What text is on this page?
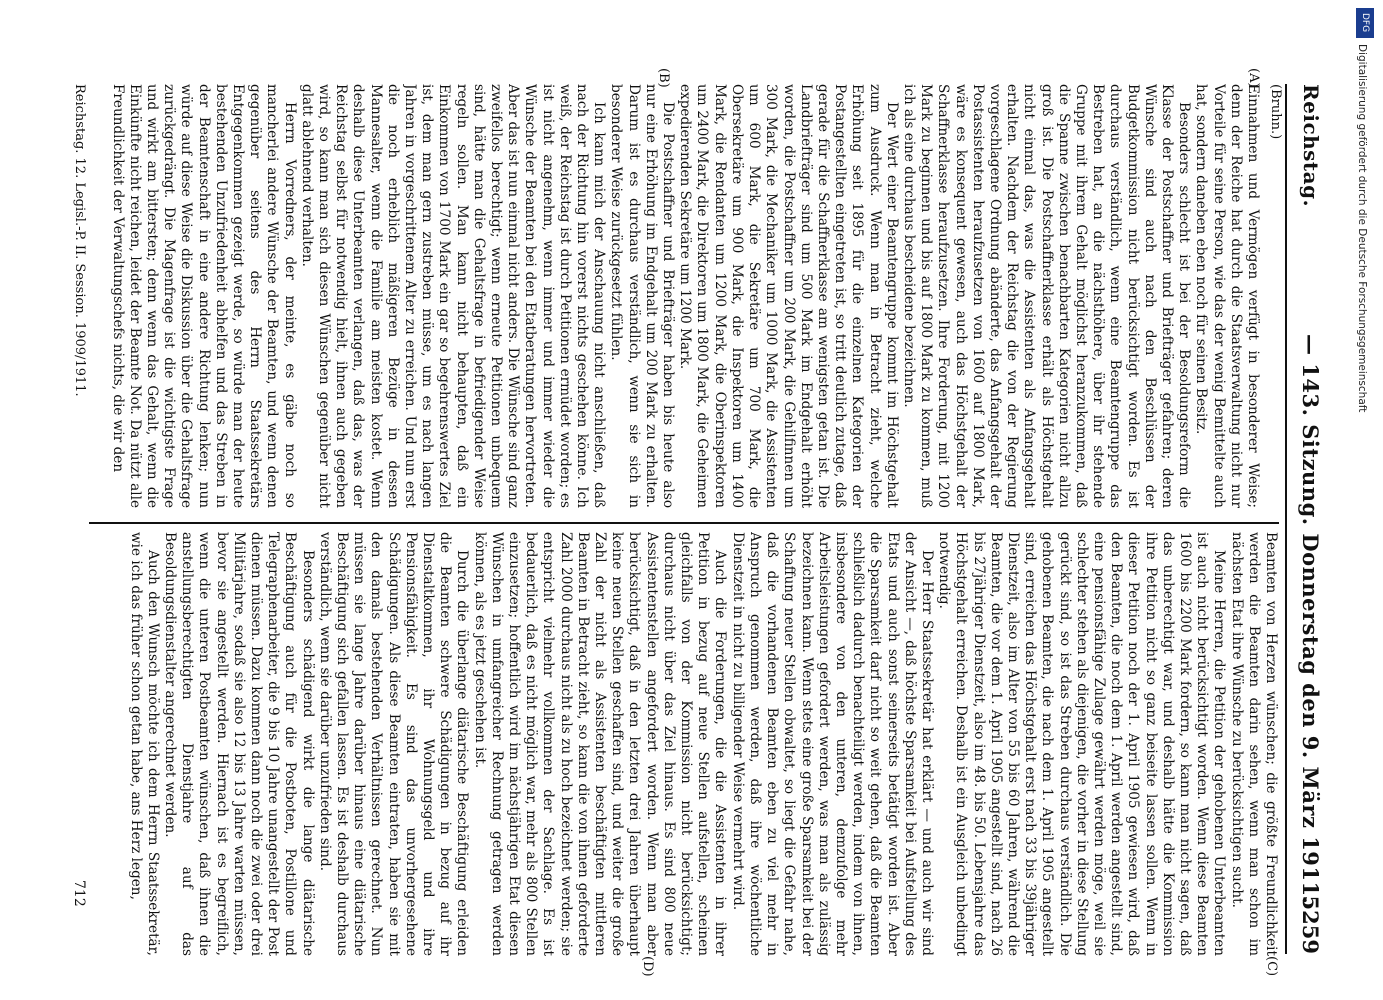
Reichstag.
— 143. Sitzung. Donnerstag den 9. März 1911.
5259
(Bruhn.)
(A)
(B)
(C)
(D)

Einnahmen und Vermögen verfügt in besonderer Weise; denn der Reiche hat durch die Staatsverwaltung nicht nur Vorteile für seine Person, wie das der wenig Bemittelte auch hat, sondern daneben eben noch für seinen Besitz.

Besonders schlecht ist bei der Besoldungsreform die Klasse der Postschaffner und Briefträger gefahren; deren Wünsche sind auch nach den Beschlüssen der Budgetkommission nicht berücksichtigt worden. Es ist durchaus verständlich, wenn eine Beamtengruppe das Bestreben hat, an die nächsthöhere, über ihr stehende Gruppe mit ihrem Gehalt möglichst heranzukommen, daß die Spanne zwischen benachbarten Kategorien nicht allzu groß ist. Die Postschaffnerklasse erhält als Höchstgehalt nicht einmal das, was die Assistenten als Anfangsgehalt erhalten. Nachdem der Reichstag die von der Regierung vorgeschlagene Ordnung abänderte, das Anfangsgehalt der Postassistenten heraufzusetzen von 1600 auf 1800 Mark, wäre es konsequent gewesen, auch das Höchstgehalt der Schaffnerklasse heraufzusetzen. Ihre Forderung, mit 1200 Mark zu beginnen und bis auf 1800 Mark zu kommen, muß ich als eine durchaus bescheidene bezeichnen.

Der Wert einer Beamtengruppe kommt im Höchstgehalt zum Ausdruck. Wenn man in Betracht zieht, welche Erhöhung seit 1895 für die einzelnen Kategorien der Postangestellten eingetreten ist, so tritt deutlich zutage, daß gerade für die Schaffnerklasse am wenigsten getan ist. Die Landbriefträger sind um 500 Mark im Endgehalt erhöht worden, die Postschaffner um 200 Mark, die Gehilfinnen um 300 Mark, die Mechaniker um 1000 Mark, die Assistenten um 600 Mark, die Sekretäre um 700 Mark, die Obersekretäre um 900 Mark, die Inspektoren um 1400 Mark, die Rendanten um 1200 Mark, die Oberinspektoren um 2400 Mark, die Direktoren um 1800 Mark, die Geheimen expedierenden Sekretäre um 1200 Mark.

Die Postschaffner und Briefträger haben bis heute also nur eine Erhöhung im Endgehalt um 200 Mark zu erhalten. Darum ist es durchaus verständlich, wenn sie sich in besonderer Weise zurückgesetzt fühlen.

Ich kann mich der Anschauung nicht anschließen, daß nach der Richtung hin vorerst nichts geschehen könne. Ich weiß, der Reichstag ist durch Petitionen ermüdet worden; es ist nicht angenehm, wenn immer und immer wieder die Wünsche der Beamten bei den Etatberatungen hervortreten. Aber das ist nun einmal nicht anders. Die Wünsche sind ganz zweifellos berechtigt; wenn erneute Petitionen unbequem sind, hätte man die Gehaltsfrage in befriedigender Weise regeln sollen. Man kann nicht behaupten, daß ein Einkommen von 1700 Mark ein gar so begehrenswertes Ziel ist, dem man gern zustreben müsse, um es nach langen Jahren in vorgeschrittenem Alter zu erreichen. Und nun erst die noch erheblich mäßigeren Bezüge in dessen Mannesalter, wenn die Familie am meisten kostet. Wenn deshalb diese Unterbeamten verlangen, daß das, was der Reichstag selbst für notwendig hielt, ihnen auch gegeben wird, so kann man sich diesen Wünschen gegenüber nicht glatt ablehnend verhalten.

Herrn Vorredners, der meinte, es gäbe noch so mancherlei andere Wünsche der Beamten, und wenn denen gegenüber seitens des Herrn Staatssekretärs Entgegenkommen gezeigt werde, so würde man der heute bestehenden Unzufriedenheit abhelfen und das Streben in der Beamtenschaft in eine andere Richtung lenken; nun würde auf diese Weise die Diskussion über die Gehaltsfrage zurückgedrängt. Die Magenfrage ist die wichtigste Frage und wirkt am bittersten; denn wenn das Gehalt, wenn die Einkünfte nicht reichen, leidet der Beamte Not. Da nützt alle Freundlichkeit der Verwaltungschefs nichts, die wir den

Beamten von Herzen wünschen; die größte Freundlichkeit werden die Beamten darin sehen, wenn man schon im nächsten Etat ihre Wünsche zu berücksichtigen sucht.

Meine Herren, die Petition der gehobenen Unterbeamten ist auch nicht berücksichtigt worden. Wenn diese Beamten 1600 bis 2200 Mark fordern, so kann man nicht sagen, daß das unberechtigt war, und deshalb hätte die Kommission ihre Petition nicht so ganz beiseite lassen sollen. Wenn in dieser Petition noch der 1. April 1905 gewiesen wird, daß den Beamten, die noch dem 1. April werden angestellt sind, eine pensionsfähige Zulage gewährt werden möge, weil sie schlechter stehen als diejenigen, die vorher in diese Stellung gerückt sind, so ist das Streben durchaus verständlich. Die gehobenen Beamten, die nach dem 1. April 1905 angestellt sind, erreichen das Höchstgehalt erst nach 33 bis 39jähriger Dienstzeit, also im Alter von 55 bis 60 Jahren, während die Beamten, die vor dem 1. April 1905 angestellt sind, nach 26 bis 27jähriger Dienstzeit, also im 48. bis 50. Lebensjahre das Höchstgehalt erreichen. Deshalb ist ein Ausgleich unbedingt notwendig.

Der Herr Staatssekretär hat erklärt — und auch wir sind der Ansicht —, daß höchste Sparsamkeit bei Aufstellung des Etats und auch sonst seinerseits betätigt worden ist. Aber die Sparsamkeit darf nicht so weit gehen, daß die Beamten schließlich dadurch benachteiligt werden, indem von ihnen, insbesondere von den unteren, demzufolge mehr Arbeitsleistungen gefordert werden, was man als zulässig bezeichnen kann. Wenn stets eine große Sparsamkeit bei der Schaffung neuer Stellen obwaltet, so liegt die Gefahr nahe, daß die vorhandenen Beamten eben zu viel mehr in Anspruch genommen werden, daß ihre wöchentliche Dienstzeit in nicht zu billigender Weise vermehrt wird.

Auch die Forderungen, die die Assistenten in ihrer Petition in bezug auf neue Stellen aufstellen, scheinen gleichfalls von der Kommission nicht berücksichtigt; durchaus nicht über das Ziel hinaus. Es sind 800 neue Assistentenstellen angefordert worden. Wenn man aber berücksichtigt, daß in den letzten drei Jahren überhaupt keine neuen Stellen geschaffen sind, und weiter die große Zahl der nicht als Assistenten beschäftigten mittleren Beamten in Betracht zieht, so kann die von ihnen geforderte Zahl 2000 durchaus nicht als zu hoch bezeichnet werden; sie entspricht vielmehr vollkommen der Sachlage. Es ist bedauerlich, daß es nicht möglich war, mehr als 800 Stellen einzusetzen; hoffentlich wird im nächstjährigen Etat diesen Wünschen in umfangreicher Rechnung getragen werden können, als es jetzt geschehen ist.

Durch die überlange diätarische Beschäftigung erleiden die Beamten schwere Schädigungen in bezug auf ihr Dienstaltkommen, ihr Wohnungsgeld und ihre Pensionsfähigkeit. Es sind das unvorhergesehene Schädigungen. Als diese Beamten eintraten, haben sie mit den damals bestehenden Verhältnissen gerechnet. Nun müssen sie lange Jahre darüber hinaus eine diätarische Beschäftigung sich gefallen lassen. Es ist deshalb durchaus verständlich, wenn sie darüber unzufrieden sind.

Besonders schädigend wirkt die lange diätarische Beschäftigung auch für die Postboten, Postillone und Telegraphenarbeiter, die 9 bis 10 Jahre unangestellt der Post dienen müssen. Dazu kommen dann noch die zwei oder drei Militärjahre, sodaß sie also 12 bis 13 Jahre warten müssen, bevor sie angestellt werden. Hiernach ist es begreiflich, wenn die unteren Postbeamten wünschen, daß ihnen die anstellungsberechtigten Dienstjahre auf das Besoldungsdienstalter angerechnet werden.

Auch den Wunsch möchte ich dem Herrn Staatssekretär, wie ich das früher schon getan habe, ans Herz legen,

Reichstag. 12. Legisl.-P. II. Session. 1909/1911.
712
DFG
Digitalisierung gefördert durch die Deutsche Forschungsgemeinschaft
